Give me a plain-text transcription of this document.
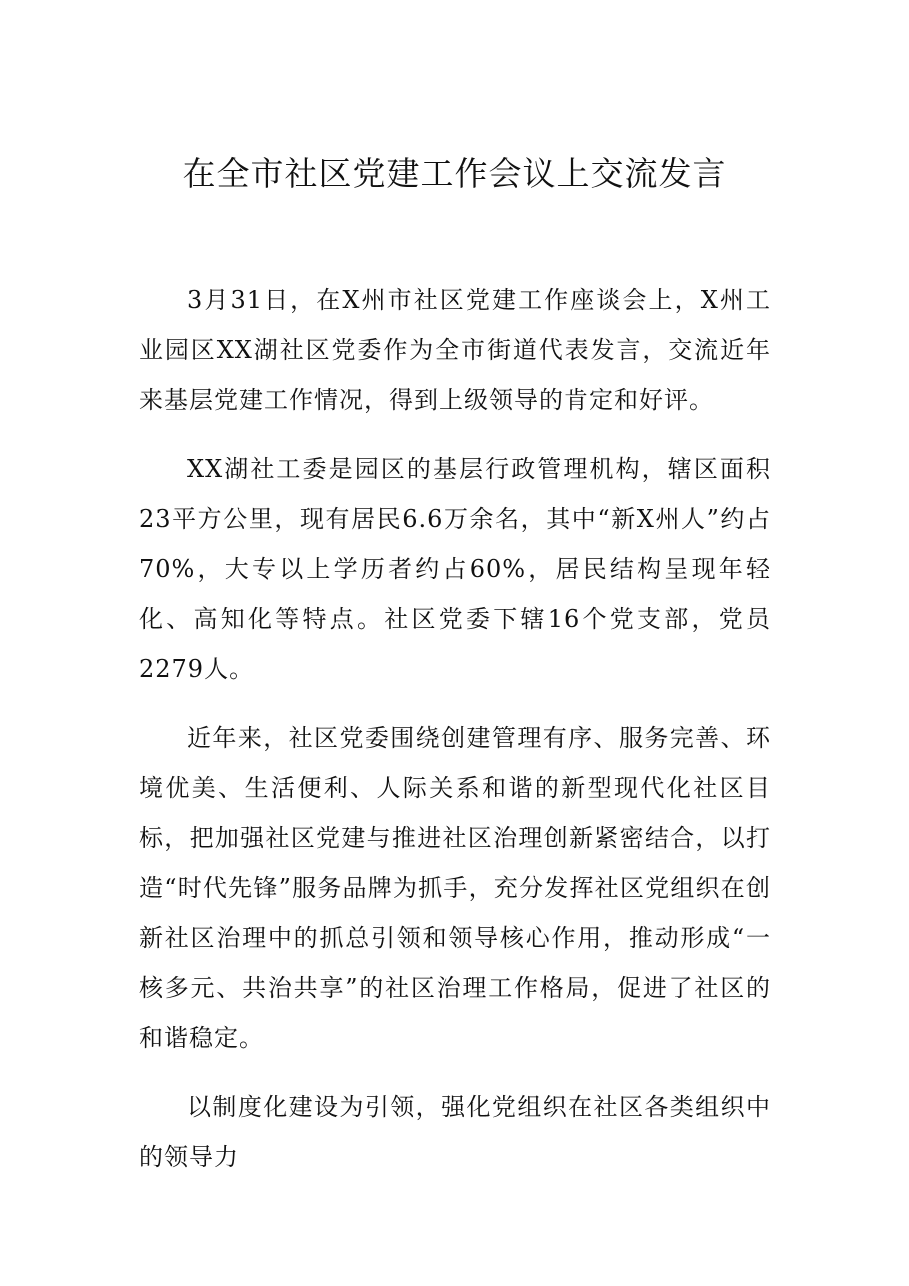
在全市社区党建工作会议上交流发言

3月31日，在X州市社区党建工作座谈会上，X州工业园区XX湖社区党委作为全市街道代表发言，交流近年来基层党建工作情况，得到上级领导的肯定和好评。

XX湖社工委是园区的基层行政管理机构，辖区面积23平方公里，现有居民6.6万余名，其中“新X州人”约占70%，大专以上学历者约占60%，居民结构呈现年轻化、高知化等特点。社区党委下辖16个党支部，党员2279人。

近年来，社区党委围绕创建管理有序、服务完善、环境优美、生活便利、人际关系和谐的新型现代化社区目标，把加强社区党建与推进社区治理创新紧密结合，以打造“时代先锋”服务品牌为抓手，充分发挥社区党组织在创新社区治理中的抓总引领和领导核心作用，推动形成“一核多元、共治共享”的社区治理工作格局，促进了社区的和谐稳定。

以制度化建设为引领，强化党组织在社区各类组织中的领导力
